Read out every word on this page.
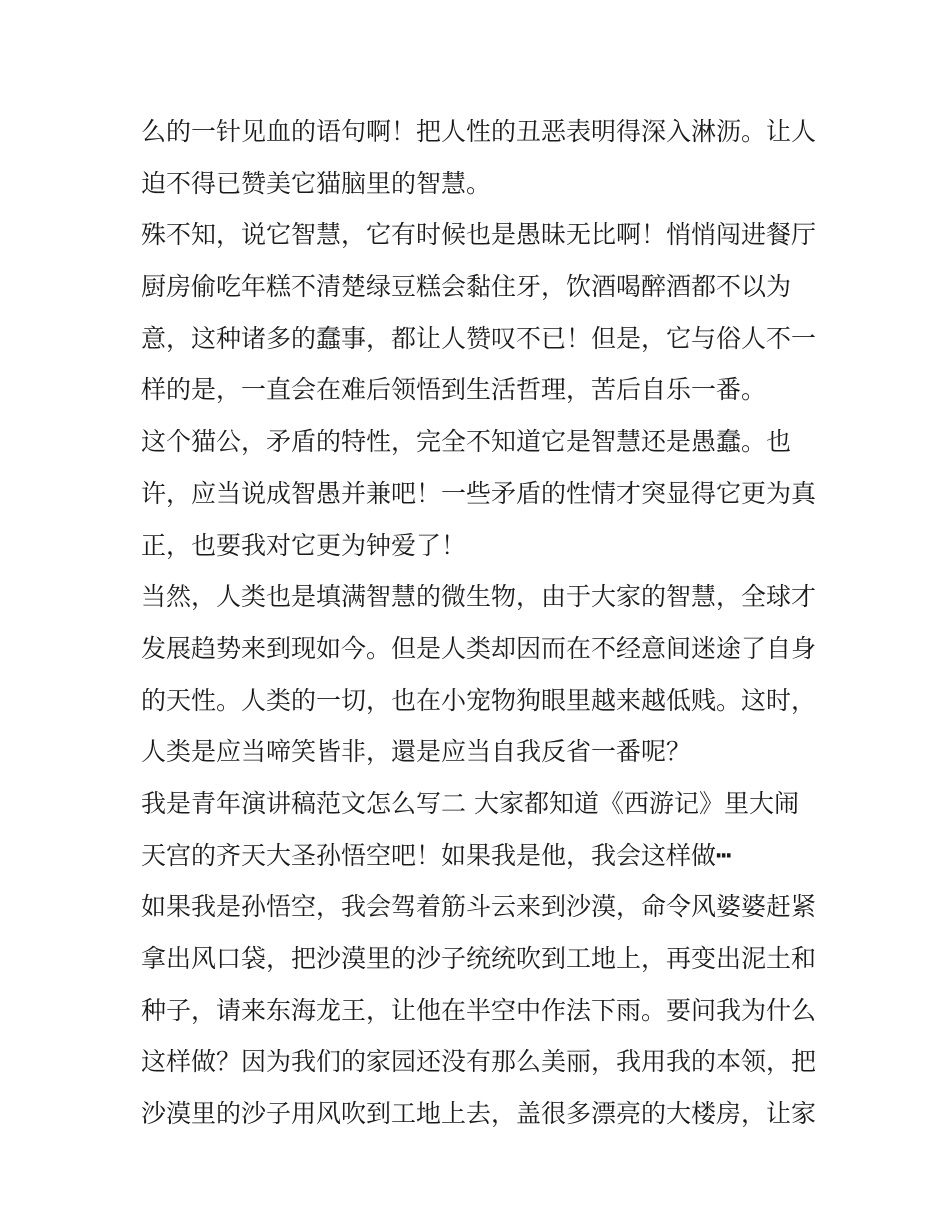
么的一针见血的语句啊！把人性的丑恶表明得深入淋沥。让人
迫不得已赞美它猫脑里的智慧。
殊不知，说它智慧，它有时候也是愚昧无比啊！悄悄闯进餐厅
厨房偷吃年糕不清楚绿豆糕会黏住牙，饮酒喝醉酒都不以为
意，这种诸多的蠢事，都让人赞叹不已！但是，它与俗人不一
样的是，一直会在难后领悟到生活哲理，苦后自乐一番。
这个猫公，矛盾的特性，完全不知道它是智慧还是愚蠢。也
许，应当说成智愚并兼吧！一些矛盾的性情才突显得它更为真
正，也要我对它更为钟爱了！
当然，人类也是填满智慧的微生物，由于大家的智慧，全球才
发展趋势来到现如今。但是人类却因而在不经意间迷途了自身
的天性。人类的一切，也在小宠物狗眼里越来越低贱。这时，
人类是应当啼笑皆非，還是应当自我反省一番呢？
我是青年演讲稿范文怎么写二 大家都知道《西游记》里大闹
天宫的齐天大圣孙悟空吧！如果我是他，我会这样做┅
如果我是孙悟空，我会驾着筋斗云来到沙漠，命令风婆婆赶紧
拿出风口袋，把沙漠里的沙子统统吹到工地上，再变出泥土和
种子，请来东海龙王，让他在半空中作法下雨。要问我为什么
这样做？因为我们的家园还没有那么美丽，我用我的本领，把
沙漠里的沙子用风吹到工地上去，盖很多漂亮的大楼房，让家
